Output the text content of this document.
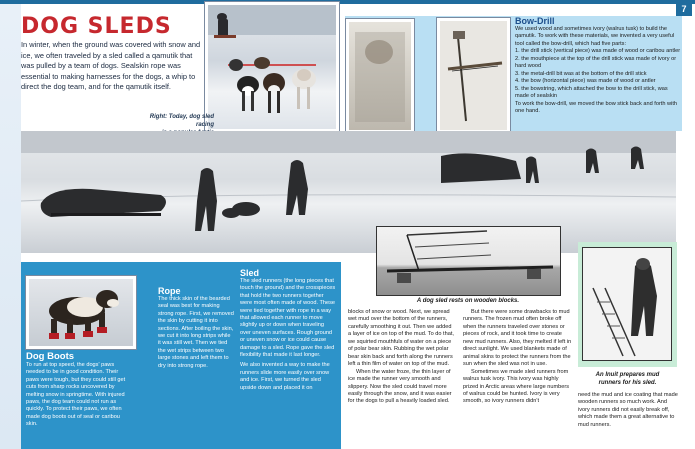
7
DOG SLEDS
In winter, when the ground was covered with snow and ice, we often traveled by a sled called a qamutik that was pulled by a team of dogs. Sealskin rope was essential to making harnesses for the dogs, a whip to direct the dog team, and for the qamutik itself.
Right: Today, dog sled racing
Bow-Drill
We used wood and sometimes ivory (walrus tusk) to build the qamutik. To work with these materials, we invented a very useful tool called the bow-drill, which had five parts:
1. the drill stick (vertical piece) was made of wood or caribou antler
2. the mouthpiece at the top of the drill stick was made of ivory or hard wood
3. the metal-drill bit was at the bottom of the drill stick
4. the bow (horizontal piece) was made of wood or antler
5. the bowstring, which attached the bow to the drill stick, was made of sealskin
To work the bow-drill, we moved the bow stick back and forth with one hand.
Dog Boots
To run at top speed, the dogs' paws needed to be in good condition. Their paws were tough, but they could still get cuts from sharp rocks uncovered by melting snow in springtime. With injured paws, the dog team could not run as quickly. To protect their paws, we often made dog boots out of seal or caribou skin.
Rope
The thick skin of the bearded seal was best for making strong rope. First, we removed the skin by cutting it into sections. After boiling the skin, we cut it into long strips while it was still wet. Then we tied the wet strips between two large stones and left them to dry into strong rope.
Sled
The sled runners (the long pieces that touch the ground) and the crosspieces that hold the two runners together were most often made of wood. These were tied together with rope in a way that allowed each runner to move slightly up or down when traveling over uneven surfaces. Rough ground or uneven snow or ice could cause damage to a sled. Rope gave the sled flexibility that made it last longer.
We also invented a way to make the runners slide more easily over snow and ice. First, we turned the sled upside down and placed it on
A dog sled rests on wooden blocks.
blocks of snow or wood. Next, we spread wet mud over the bottom of the runners, carefully smoothing it out. Then we added a layer of ice on top of the mud. To do that, we squirted mouthfuls of water on a piece of polar bear skin. Rubbing the wet polar bear skin back and forth along the runners left a thin film of water on top of the mud.
When the water froze, the thin layer of ice made the runner very smooth and slippery. Now the sled could travel more easily through the snow, and it was easier for the dogs to pull a heavily loaded sled.
But there were some drawbacks to mud runners. The frozen mud often broke off when the runners traveled over stones or pieces of rock, and it took time to create new mud runners. Also, they melted if left in direct sunlight. We used blankets made of animal skins to protect the runners from the sun when the sled was not in use.
Sometimes we made sled runners from walrus tusk ivory. This ivory was highly prized in Arctic areas where large numbers of walrus could be hunted. Ivory is very smooth, so ivory runners didn't
An Inuit prepares mud
runners for his sled.
need the mud and ice coating that made wooden runners so much work. And ivory runners did not easily break off, which made them a great alternative to mud runners.
